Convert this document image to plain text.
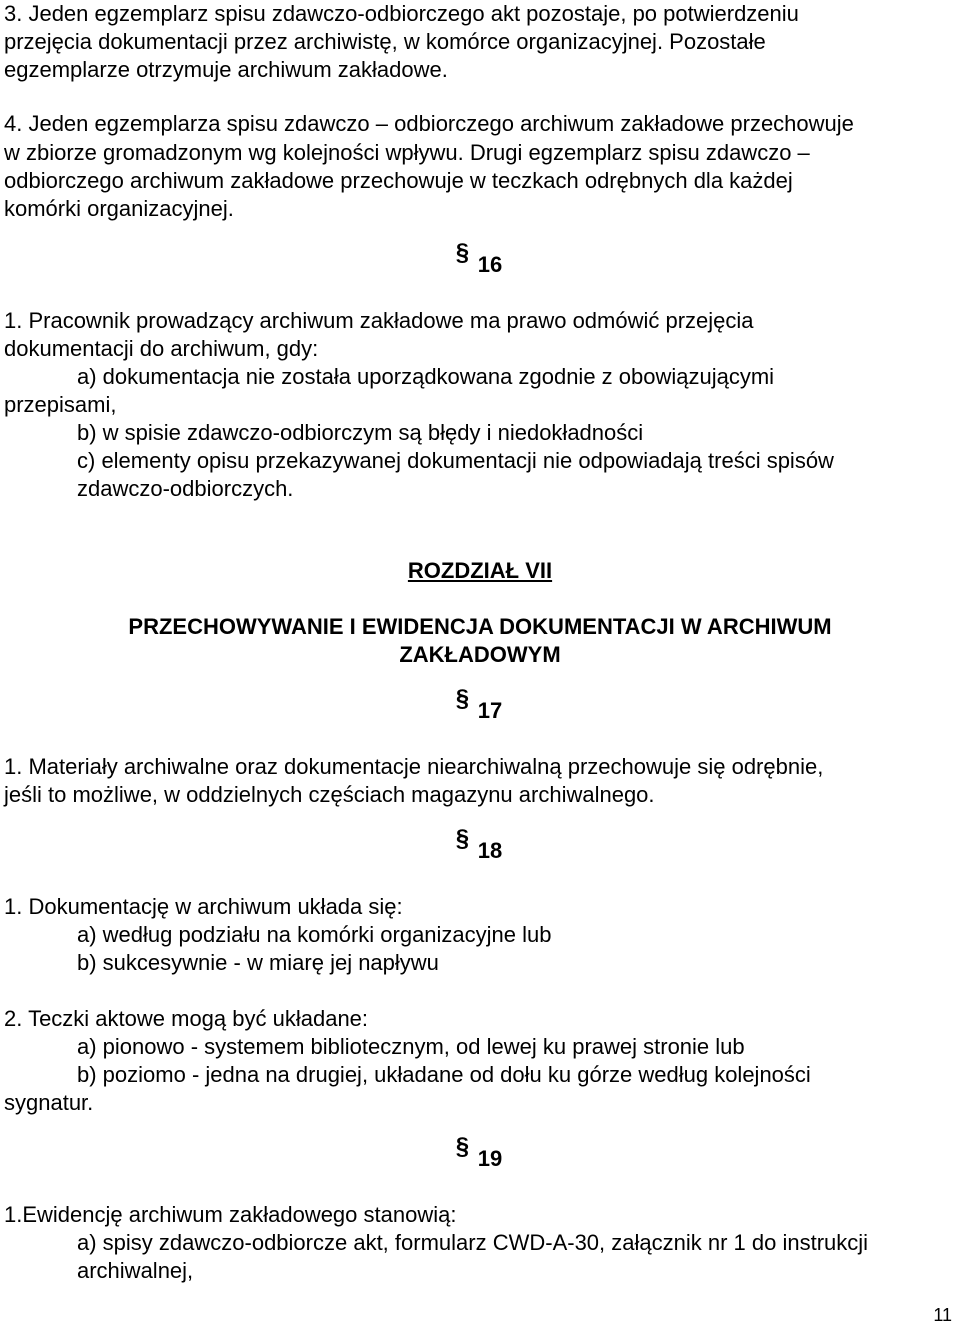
3. Jeden egzemplarz spisu zdawczo-odbiorczego akt pozostaje, po potwierdzeniu

przejęcia dokumentacji przez archiwistę, w komórce organizacyjnej. Pozostałe

egzemplarze otrzymuje archiwum zakładowe.

4. Jeden egzemplarza spisu zdawczo – odbiorczego archiwum zakładowe przechowuje

w zbiorze gromadzonym wg kolejności wpływu. Drugi egzemplarz spisu zdawczo –

odbiorczego archiwum zakładowe przechowuje w teczkach odrębnych dla każdej

komórki organizacyjnej.

§16

1. Pracownik prowadzący archiwum zakładowe ma prawo odmówić przejęcia

dokumentacji do archiwum, gdy:

a) dokumentacja nie została uporządkowana zgodnie z obowiązującymi

przepisami,

b) w spisie zdawczo-odbiorczym są błędy i niedokładności

c) elementy opisu przekazywanej dokumentacji nie odpowiadają treści spisów

zdawczo-odbiorczych.

ROZDZIAŁ VII

PRZECHOWYWANIE I EWIDENCJA DOKUMENTACJI W ARCHIWUM

ZAKŁADOWYM

§17

1. Materiały archiwalne oraz dokumentacje niearchiwalną przechowuje się odrębnie,

jeśli to możliwe, w oddzielnych częściach magazynu archiwalnego.

§18

1. Dokumentację w archiwum układa się:

a) według podziału na komórki organizacyjne lub

b) sukcesywnie - w miarę jej napływu

2. Teczki aktowe mogą być układane:

a) pionowo - systemem bibliotecznym, od lewej ku prawej stronie lub

b) poziomo - jedna na drugiej, układane od dołu ku górze według kolejności

sygnatur.

§19

1.Ewidencję archiwum zakładowego stanowią:

a) spisy zdawczo-odbiorcze akt, formularz CWD-A-30, załącznik nr 1 do instrukcji

archiwalnej,

11
